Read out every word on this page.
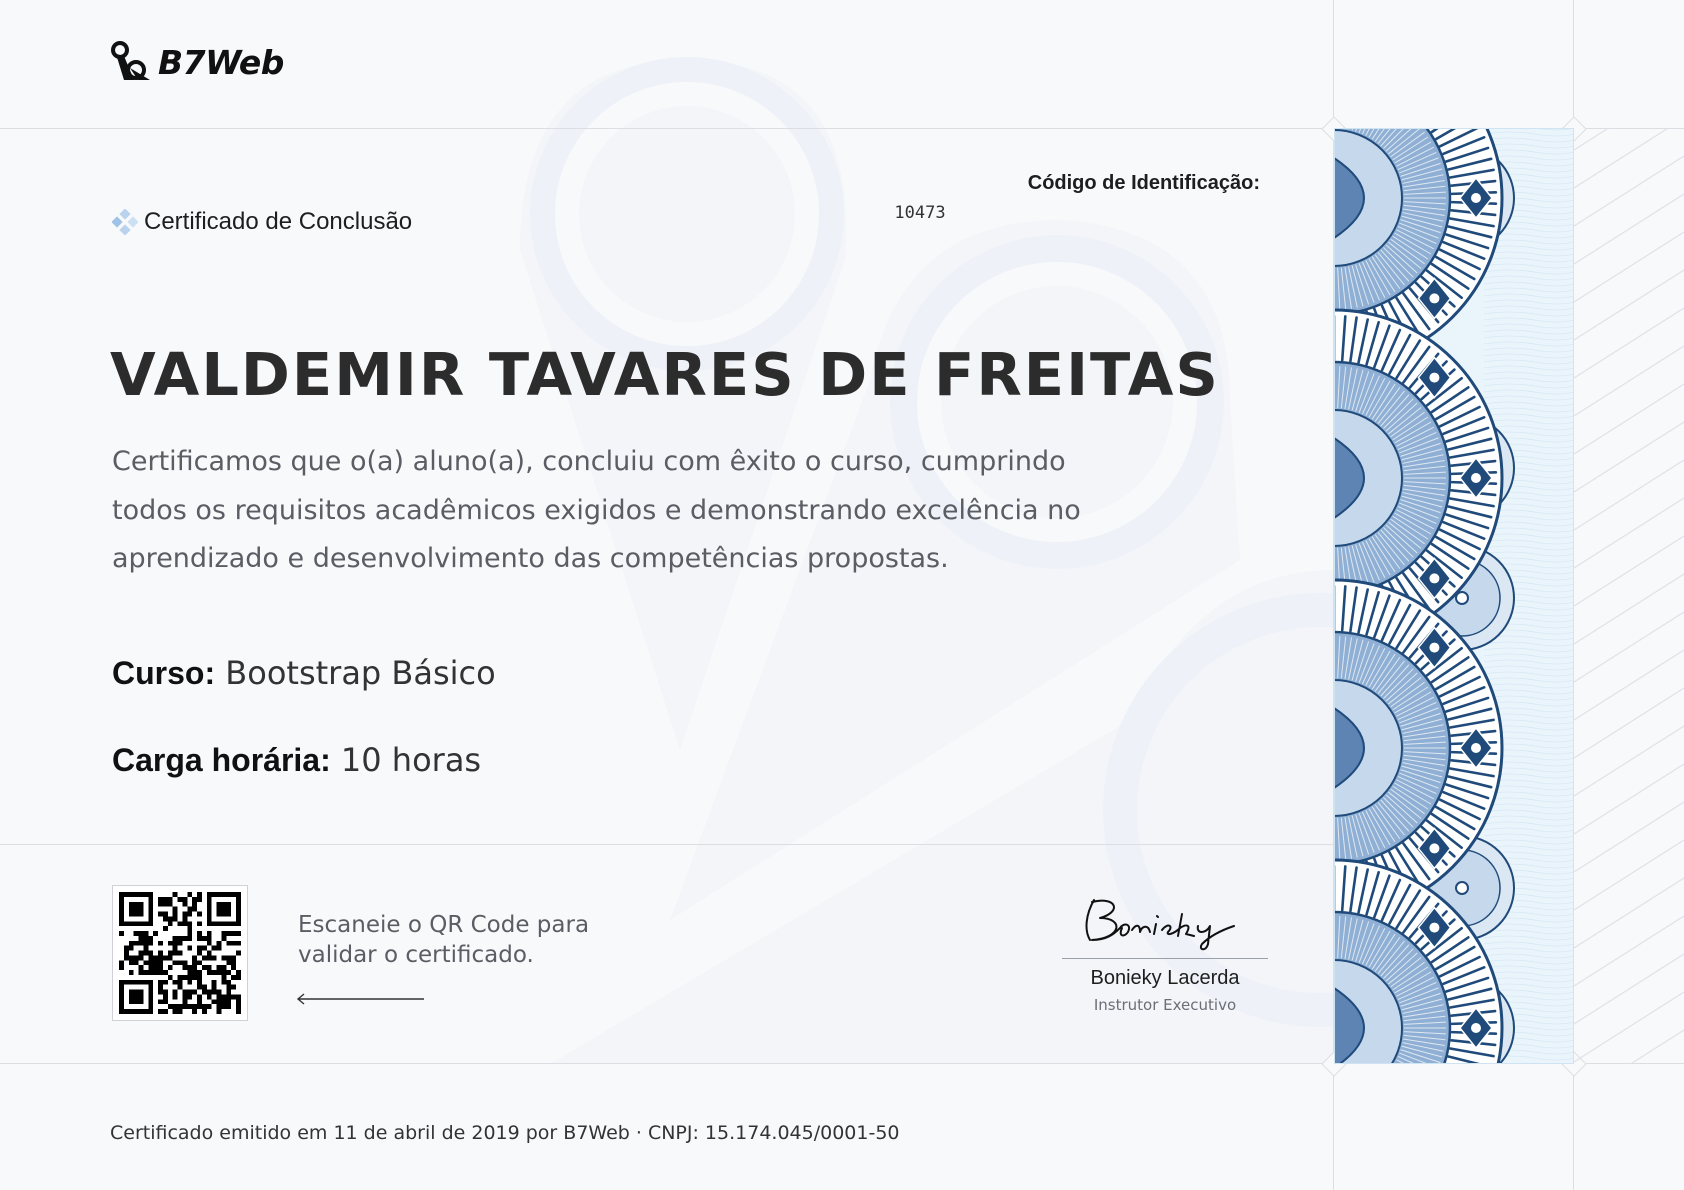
B7Web
Certificado de Conclusão
Código de Identificação:
10473
VALDEMIR TAVARES DE FREITAS
Certificamos que o(a) aluno(a), concluiu com êxito o curso, cumprindo todos os requisitos acadêmicos exigidos e demonstrando excelência no aprendizado e desenvolvimento das competências propostas.
Curso: Bootstrap Básico
Carga horária: 10 horas
Escaneie o QR Code para validar o certificado.
Bonieky Lacerda
Instrutor Executivo
Certificado emitido em 11 de abril de 2019 por B7Web · CNPJ: 15.174.045/0001-50
